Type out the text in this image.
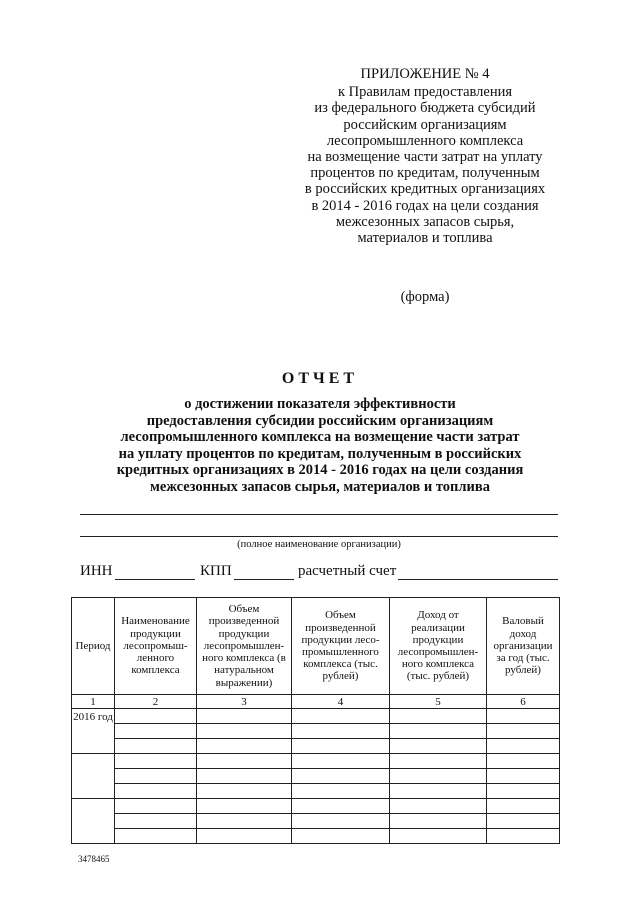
ПРИЛОЖЕНИЕ № 4
к Правилам предоставления
из федерального бюджета субсидий
российским организациям
лесопромышленного комплекса
на возмещение части затрат на уплату
процентов по кредитам, полученным
в российских кредитных организациях
в 2014 - 2016 годах на цели создания
межсезонных запасов сырья,
материалов и топлива
(форма)
ОТЧЕТ
о достижении показателя эффективности
предоставления субсидии российским организациям
лесопромышленного комплекса на возмещение части затрат
на уплату процентов по кредитам, полученным в российских
кредитных организациях в 2014 - 2016 годах на цели создания
межсезонных запасов сырья, материалов и топлива
(полное наименование организации)
ИНН	КПП	расчетный счет
Период	Наименование продукции лесопромыш-ленного комплекса	Объем произведенной продукции лесопромышлен-ного комплекса (в натуральном выражении)	Объем произведенной продукции лесо-промышленного комплекса (тыс. рублей)	Доход от реализации продукции лесопромышлен-ного комплекса (тыс. рублей)	Валовый доход организации за год (тыс. рублей)
1	2	3	4	5	6
2016 год					

3478465
